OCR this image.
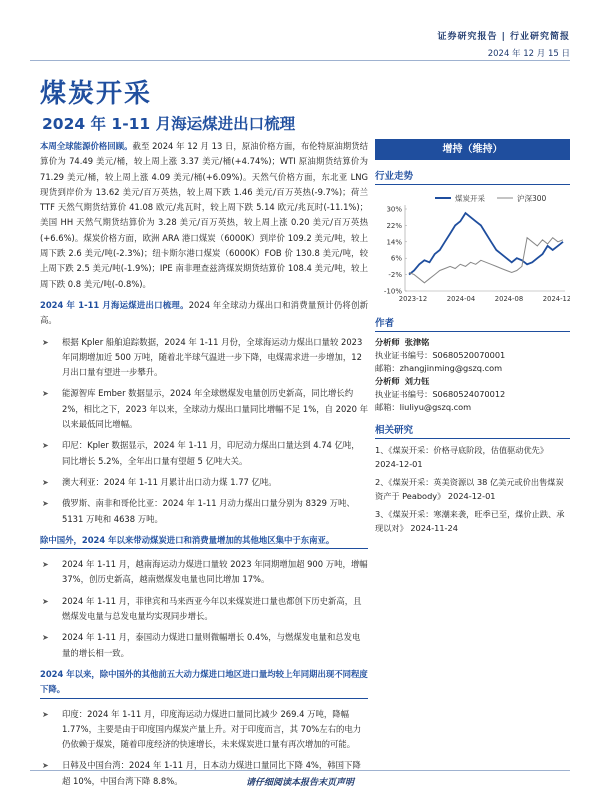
证券研究报告 | 行业研究简报
2024 年 12 月 15 日
煤炭开采
2024 年 1-11 月海运煤进出口梳理

本周全球能源价格回顾。截至 2024 年 12 月 13 日，原油价格方面，布伦特原油期货结算价为 74.49 美元/桶，较上周上涨 3.37 美元/桶(+4.74%)；WTI 原油期货结算价为 71.29 美元/桶，较上周上涨 4.09 美元/桶(+6.09%)。天然气价格方面，东北亚 LNG 现货到岸价为 13.62 美元/百万英热，较上周下跌 1.46 美元/百万英热(-9.7%)；荷兰 TTF 天然气期货结算价 41.08 欧元/兆瓦时，较上周下跌 5.14 欧元/兆瓦时(-11.1%)；美国 HH 天然气期货结算价为 3.28 美元/百万英热，较上周上涨 0.20 美元/百万英热(+6.6%)。煤炭价格方面，欧洲 ARA 港口煤炭（6000K）到岸价 109.2 美元/吨，较上周下跌 2.6 美元/吨(-2.3%)；纽卡斯尔港口煤炭（6000K）FOB 价 130.8 美元/吨，较上周下跌 2.5 美元/吨(-1.9%)；IPE 南非理查兹湾煤炭期货结算价 108.4 美元/吨，较上周下跌 0.8 美元/吨(-0.8%)。

2024 年 1-11 月海运煤进出口梳理。2024 年全球动力煤出口和消费量预计仍将创新高。

➤ 根据 Kpler 船舶追踪数据，2024 年 1-11 月份，全球海运动力煤出口量较 2023 年同期增加近 500 万吨，随着北半球气温进一步下降，电煤需求进一步增加，12 月出口量有望进一步攀升。
➤ 能源智库 Ember 数据显示，2024 年全球燃煤发电量创历史新高，同比增长约 2%，相比之下，2023 年以来，全球动力煤出口量同比增幅不足 1%，自 2020 年以来最低同比增幅。
➤ 印尼：Kpler 数据显示，2024 年 1-11 月，印尼动力煤出口量达到 4.74 亿吨，同比增长 5.2%，全年出口量有望超 5 亿吨大关。
➤ 澳大利亚：2024 年 1-11 月累计出口动力煤 1.77 亿吨。
➤ 俄罗斯、南非和哥伦比亚：2024 年 1-11 月动力煤出口量分别为 8329 万吨、5131 万吨和 4638 万吨。
除中国外，2024 年以来带动煤炭进口和消费量增加的其他地区集中于东南亚。
➤ 2024 年 1-11 月，越南海运动力煤进口量较 2023 年同期增加超 900 万吨，增幅 37%，创历史新高，越南燃煤发电量也同比增加 17%。
➤ 2024 年 1-11 月，菲律宾和马来西亚今年以来煤炭进口量也都创下历史新高，且燃煤发电量与总发电量均实现同步增长。
➤ 2024 年 1-11 月，泰国动力煤进口量则微幅增长 0.4%，与燃煤发电量和总发电量的增长相一致。
2024 年以来，除中国外的其他前五大动力煤进口地区进口量均较上年同期出现不同程度下降。
➤ 印度：2024 年 1-11 月，印度海运动力煤进口量同比减少 269.4 万吨，降幅 1.77%，主要是由于印度国内煤炭产量上升。对于印度而言，其 70%左右的电力仍依赖于煤炭，随着印度经济的快速增长，未来煤炭进口量有再次增加的可能。
➤ 日韩及中国台湾：2024 年 1-11 月，日本动力煤进口量同比下降 4%，韩国下降超 10%，中国台湾下降 8.8%。
增持（维持）
行业走势
煤炭开采	沪深300
30%
22%
14%
6%
-2%
-10%
2023-12	2024-04	2024-08	2024-12
作者
分析师 张津铭
执业证书编号：S0680520070001
邮箱：zhangjinming@gszq.com
分析师 刘力钰
执业证书编号：S0680524070012
邮箱：liuliyu@gszq.com
相关研究
1、《煤炭开采：价格寻底阶段，估值驱动优先》 2024-12-01
2、《煤炭开采：英美资源以 38 亿美元或价出售煤炭资产于 Peabody》 2024-12-01
3、《煤炭开采：寒潮来袭，旺季已至，煤价止跌、承现以对》 2024-11-24
请仔细阅读本报告末页声明
